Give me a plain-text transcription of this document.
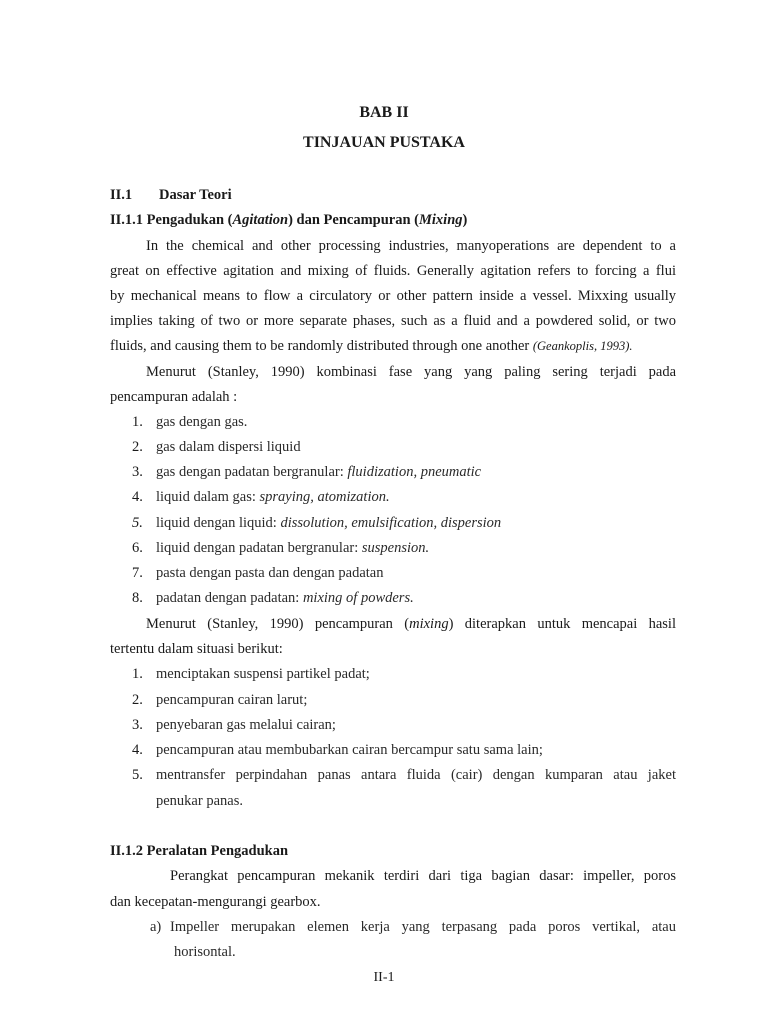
BAB II
TINJAUAN PUSTAKA
II.1 Dasar Teori
II.1.1 Pengadukan (Agitation) dan Pencampuran (Mixing)
In the chemical and other processing industries, manyoperations are dependent to a
great on effective agitation and mixing of fluids. Generally agitation refers to forcing a flui
by mechanical means to flow a circulatory or other pattern inside a vessel. Mixxing usually
implies taking of two or more separate phases, such as a fluid and a powdered solid, or two
fluids, and causing them to be randomly distributed through one another (Geankoplis, 1993).
Menurut (Stanley, 1990) kombinasi fase yang yang paling sering terjadi pada
pencampuran adalah :
1. gas dengan gas.
2. gas dalam dispersi liquid
3. gas dengan padatan bergranular: fluidization, pneumatic
4. liquid dalam gas: spraying, atomization.
5. liquid dengan liquid: dissolution, emulsification, dispersion
6. liquid dengan padatan bergranular: suspension.
7. pasta dengan pasta dan dengan padatan
8. padatan dengan padatan: mixing of powders.
Menurut (Stanley, 1990) pencampuran (mixing) diterapkan untuk mencapai hasil
tertentu dalam situasi berikut:
1. menciptakan suspensi partikel padat;
2. pencampuran cairan larut;
3. penyebaran gas melalui cairan;
4. pencampuran atau membubarkan cairan bercampur satu sama lain;
5. mentransfer perpindahan panas antara fluida (cair) dengan kumparan atau jaket
penukar panas.
II.1.2 Peralatan Pengadukan
Perangkat pencampuran mekanik terdiri dari tiga bagian dasar: impeller, poros
dan kecepatan-mengurangi gearbox.
a) Impeller merupakan elemen kerja yang terpasang pada poros vertikal, atau
horisontal.
II-1
